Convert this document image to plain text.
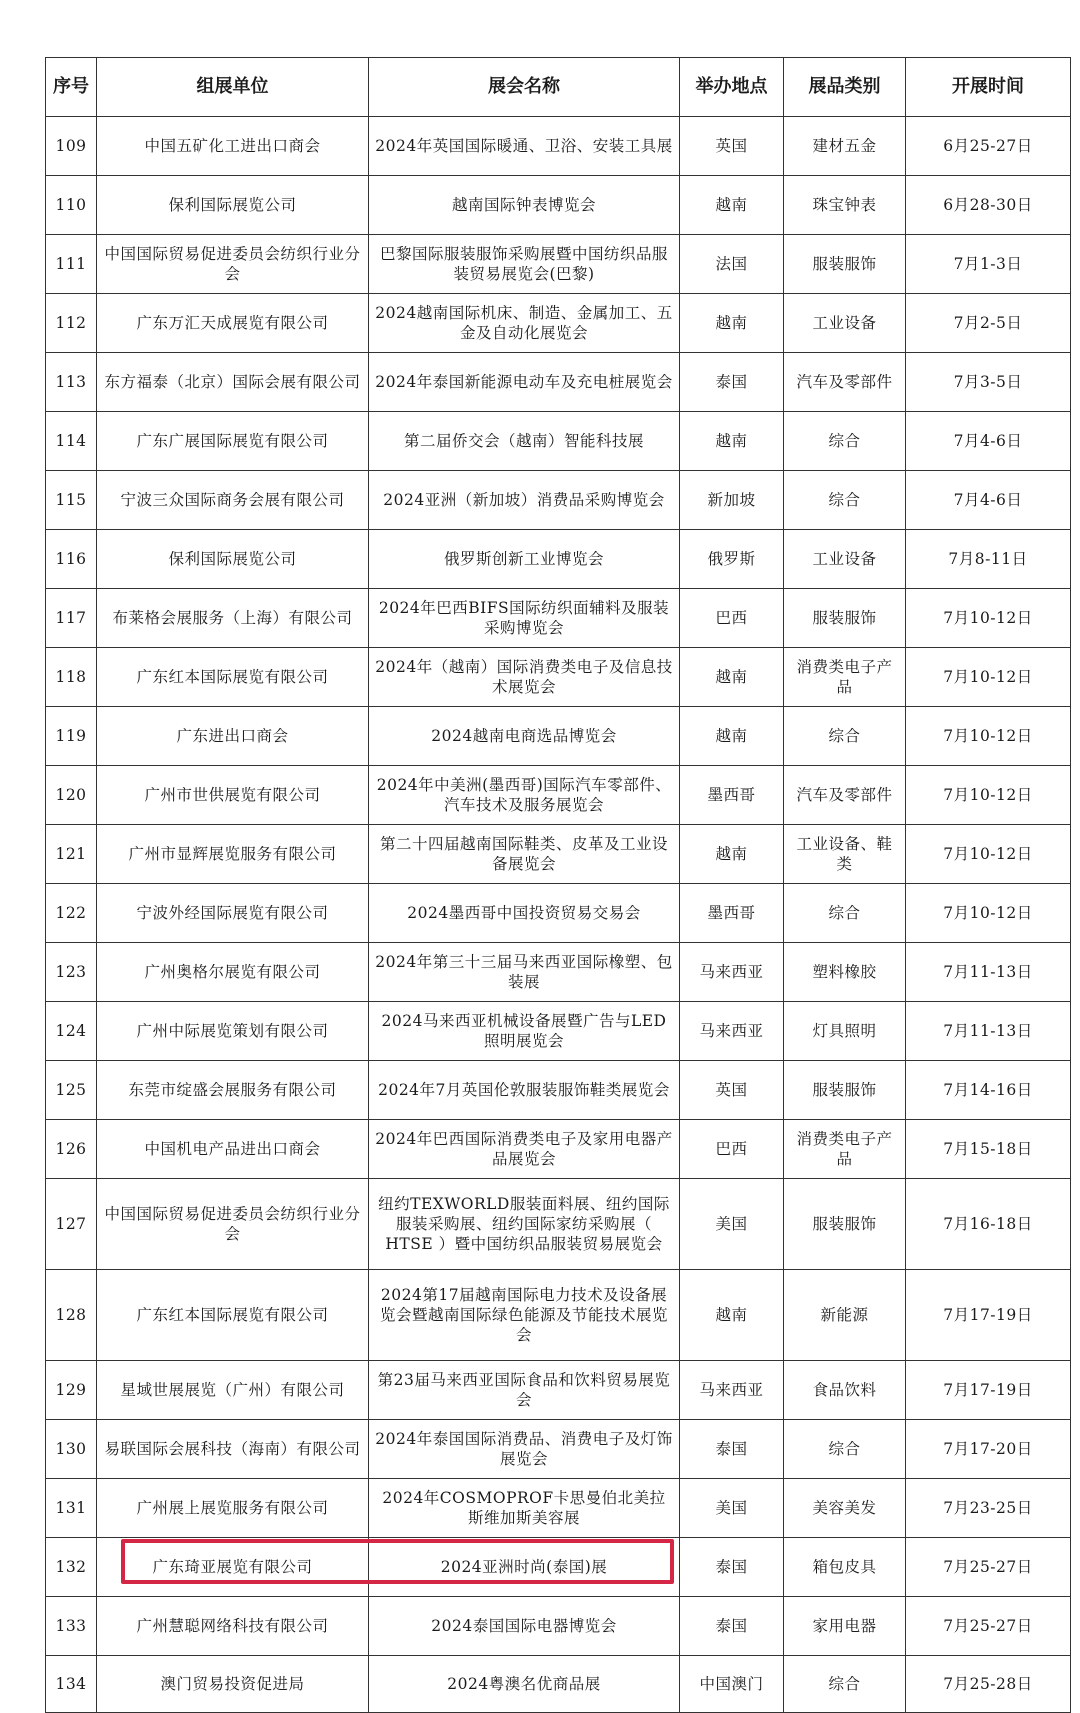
序号	组展单位	展会名称	举办地点	展品类别	开展时间
109	中国五矿化工进出口商会	2024年英国国际暖通、卫浴、安装工具展	英国	建材五金	6月25-27日
110	保利国际展览公司	越南国际钟表博览会	越南	珠宝钟表	6月28-30日
111	中国国际贸易促进委员会纺织行业分会	巴黎国际服装服饰采购展暨中国纺织品服装贸易展览会(巴黎)	法国	服装服饰	7月1-3日
112	广东万汇天成展览有限公司	2024越南国际机床、制造、金属加工、五金及自动化展览会	越南	工业设备	7月2-5日
113	东方福泰（北京）国际会展有限公司	2024年泰国新能源电动车及充电桩展览会	泰国	汽车及零部件	7月3-5日
114	广东广展国际展览有限公司	第二届侨交会（越南）智能科技展	越南	综合	7月4-6日
115	宁波三众国际商务会展有限公司	2024亚洲（新加坡）消费品采购博览会	新加坡	综合	7月4-6日
116	保利国际展览公司	俄罗斯创新工业博览会	俄罗斯	工业设备	7月8-11日
117	布莱格会展服务（上海）有限公司	2024年巴西BIFS国际纺织面辅料及服装采购博览会	巴西	服装服饰	7月10-12日
118	广东红本国际展览有限公司	2024年（越南）国际消费类电子及信息技术展览会	越南	消费类电子产品	7月10-12日
119	广东进出口商会	2024越南电商选品博览会	越南	综合	7月10-12日
120	广州市世供展览有限公司	2024年中美洲(墨西哥)国际汽车零部件、汽车技术及服务展览会	墨西哥	汽车及零部件	7月10-12日
121	广州市显辉展览服务有限公司	第二十四届越南国际鞋类、皮革及工业设备展览会	越南	工业设备、鞋类	7月10-12日
122	宁波外经国际展览有限公司	2024墨西哥中国投资贸易交易会	墨西哥	综合	7月10-12日
123	广州奥格尔展览有限公司	2024年第三十三届马来西亚国际橡塑、包装展	马来西亚	塑料橡胶	7月11-13日
124	广州中际展览策划有限公司	2024马来西亚机械设备展暨广告与LED照明展览会	马来西亚	灯具照明	7月11-13日
125	东莞市绽盛会展服务有限公司	2024年7月英国伦敦服装服饰鞋类展览会	英国	服装服饰	7月14-16日
126	中国机电产品进出口商会	2024年巴西国际消费类电子及家用电器产品展览会	巴西	消费类电子产品	7月15-18日
127	中国国际贸易促进委员会纺织行业分会	纽约TEXWORLD服装面料展、纽约国际服装采购展、纽约国际家纺采购展（ HTSE ）暨中国纺织品服装贸易展览会	美国	服装服饰	7月16-18日
128	广东红本国际展览有限公司	2024第17届越南国际电力技术及设备展览会暨越南国际绿色能源及节能技术展览会	越南	新能源	7月17-19日
129	星域世展展览（广州）有限公司	第23届马来西亚国际食品和饮料贸易展览会	马来西亚	食品饮料	7月17-19日
130	易联国际会展科技（海南）有限公司	2024年泰国国际消费品、消费电子及灯饰展览会	泰国	综合	7月17-20日
131	广州展上展览服务有限公司	2024年COSMOPROF卡思曼伯北美拉斯维加斯美容展	美国	美容美发	7月23-25日
132	广东琦亚展览有限公司	2024亚洲时尚(泰国)展	泰国	箱包皮具	7月25-27日
133	广州慧聪网络科技有限公司	2024泰国国际电器博览会	泰国	家用电器	7月25-27日
134	澳门贸易投资促进局	2024粤澳名优商品展	中国澳门	综合	7月25-28日
